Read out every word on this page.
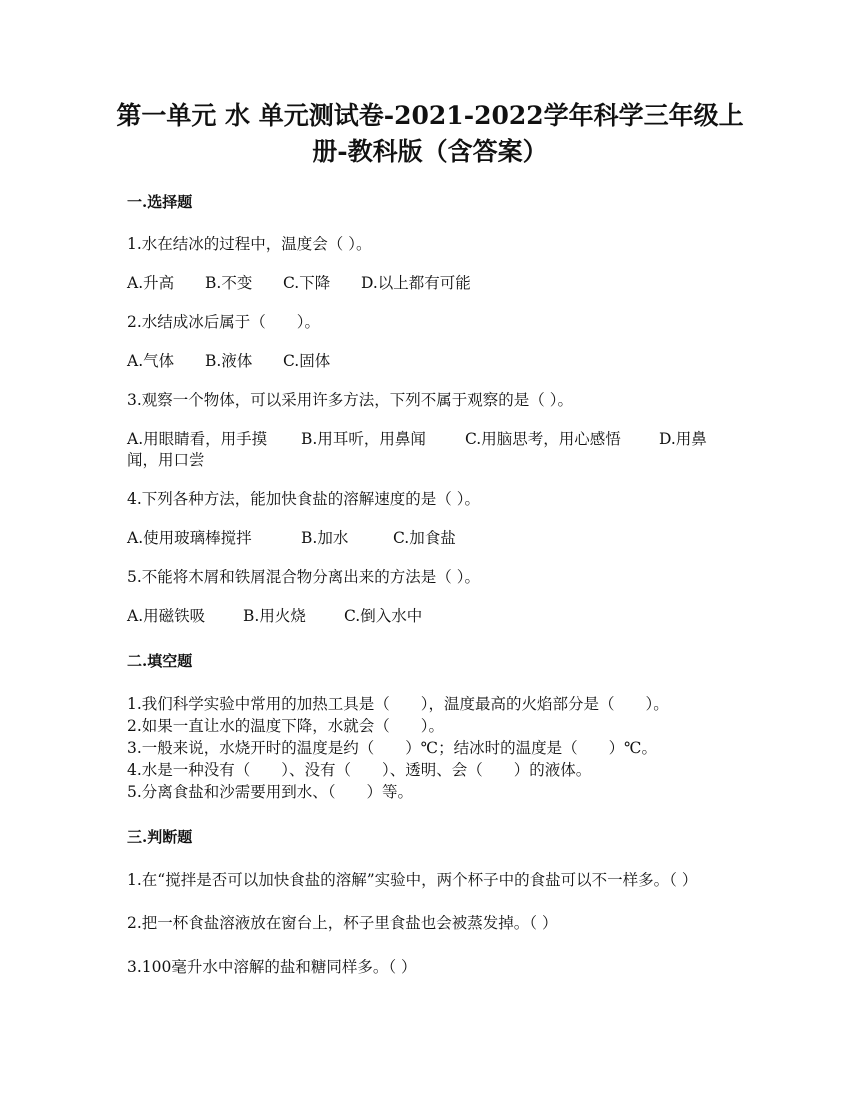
第一单元 水 单元测试卷-2021-2022学年科学三年级上册-教科版（含答案）
一.选择题
1.水在结冰的过程中，温度会（ ）。
A.升高 B.不变 C.下降 D.以上都有可能
2.水结成冰后属于（　　）。
A.气体 B.液体 C.固体
3.观察一个物体，可以采用许多方法，下列不属于观察的是（ ）。
A.用眼睛看，用手摸 B.用耳听，用鼻闻	C.用脑思考，用心感悟 D.用鼻闻，用口尝
4.下列各种方法，能加快食盐的溶解速度的是（ ）。
A.使用玻璃棒搅拌	B.加水	C.加食盐
5.不能将木屑和铁屑混合物分离出来的方法是（ ）。
A.用磁铁吸 B.用火烧 C.倒入水中
二.填空题
1.我们科学实验中常用的加热工具是（　　），温度最高的火焰部分是（　　）。
2.如果一直让水的温度下降，水就会（　　）。
3.一般来说，水烧开时的温度是约（　　）℃；结冰时的温度是（　　）℃。
4.水是一种没有（　　）、没有（　　）、透明、会（　　）的液体。
5.分离食盐和沙需要用到水、（　　）等。
三.判断题
1.在“搅拌是否可以加快食盐的溶解”实验中，两个杯子中的食盐可以不一样多。（ ）
2.把一杯食盐溶液放在窗台上，杯子里食盐也会被蒸发掉。（ ）
3.100毫升水中溶解的盐和糖同样多。（ ）
